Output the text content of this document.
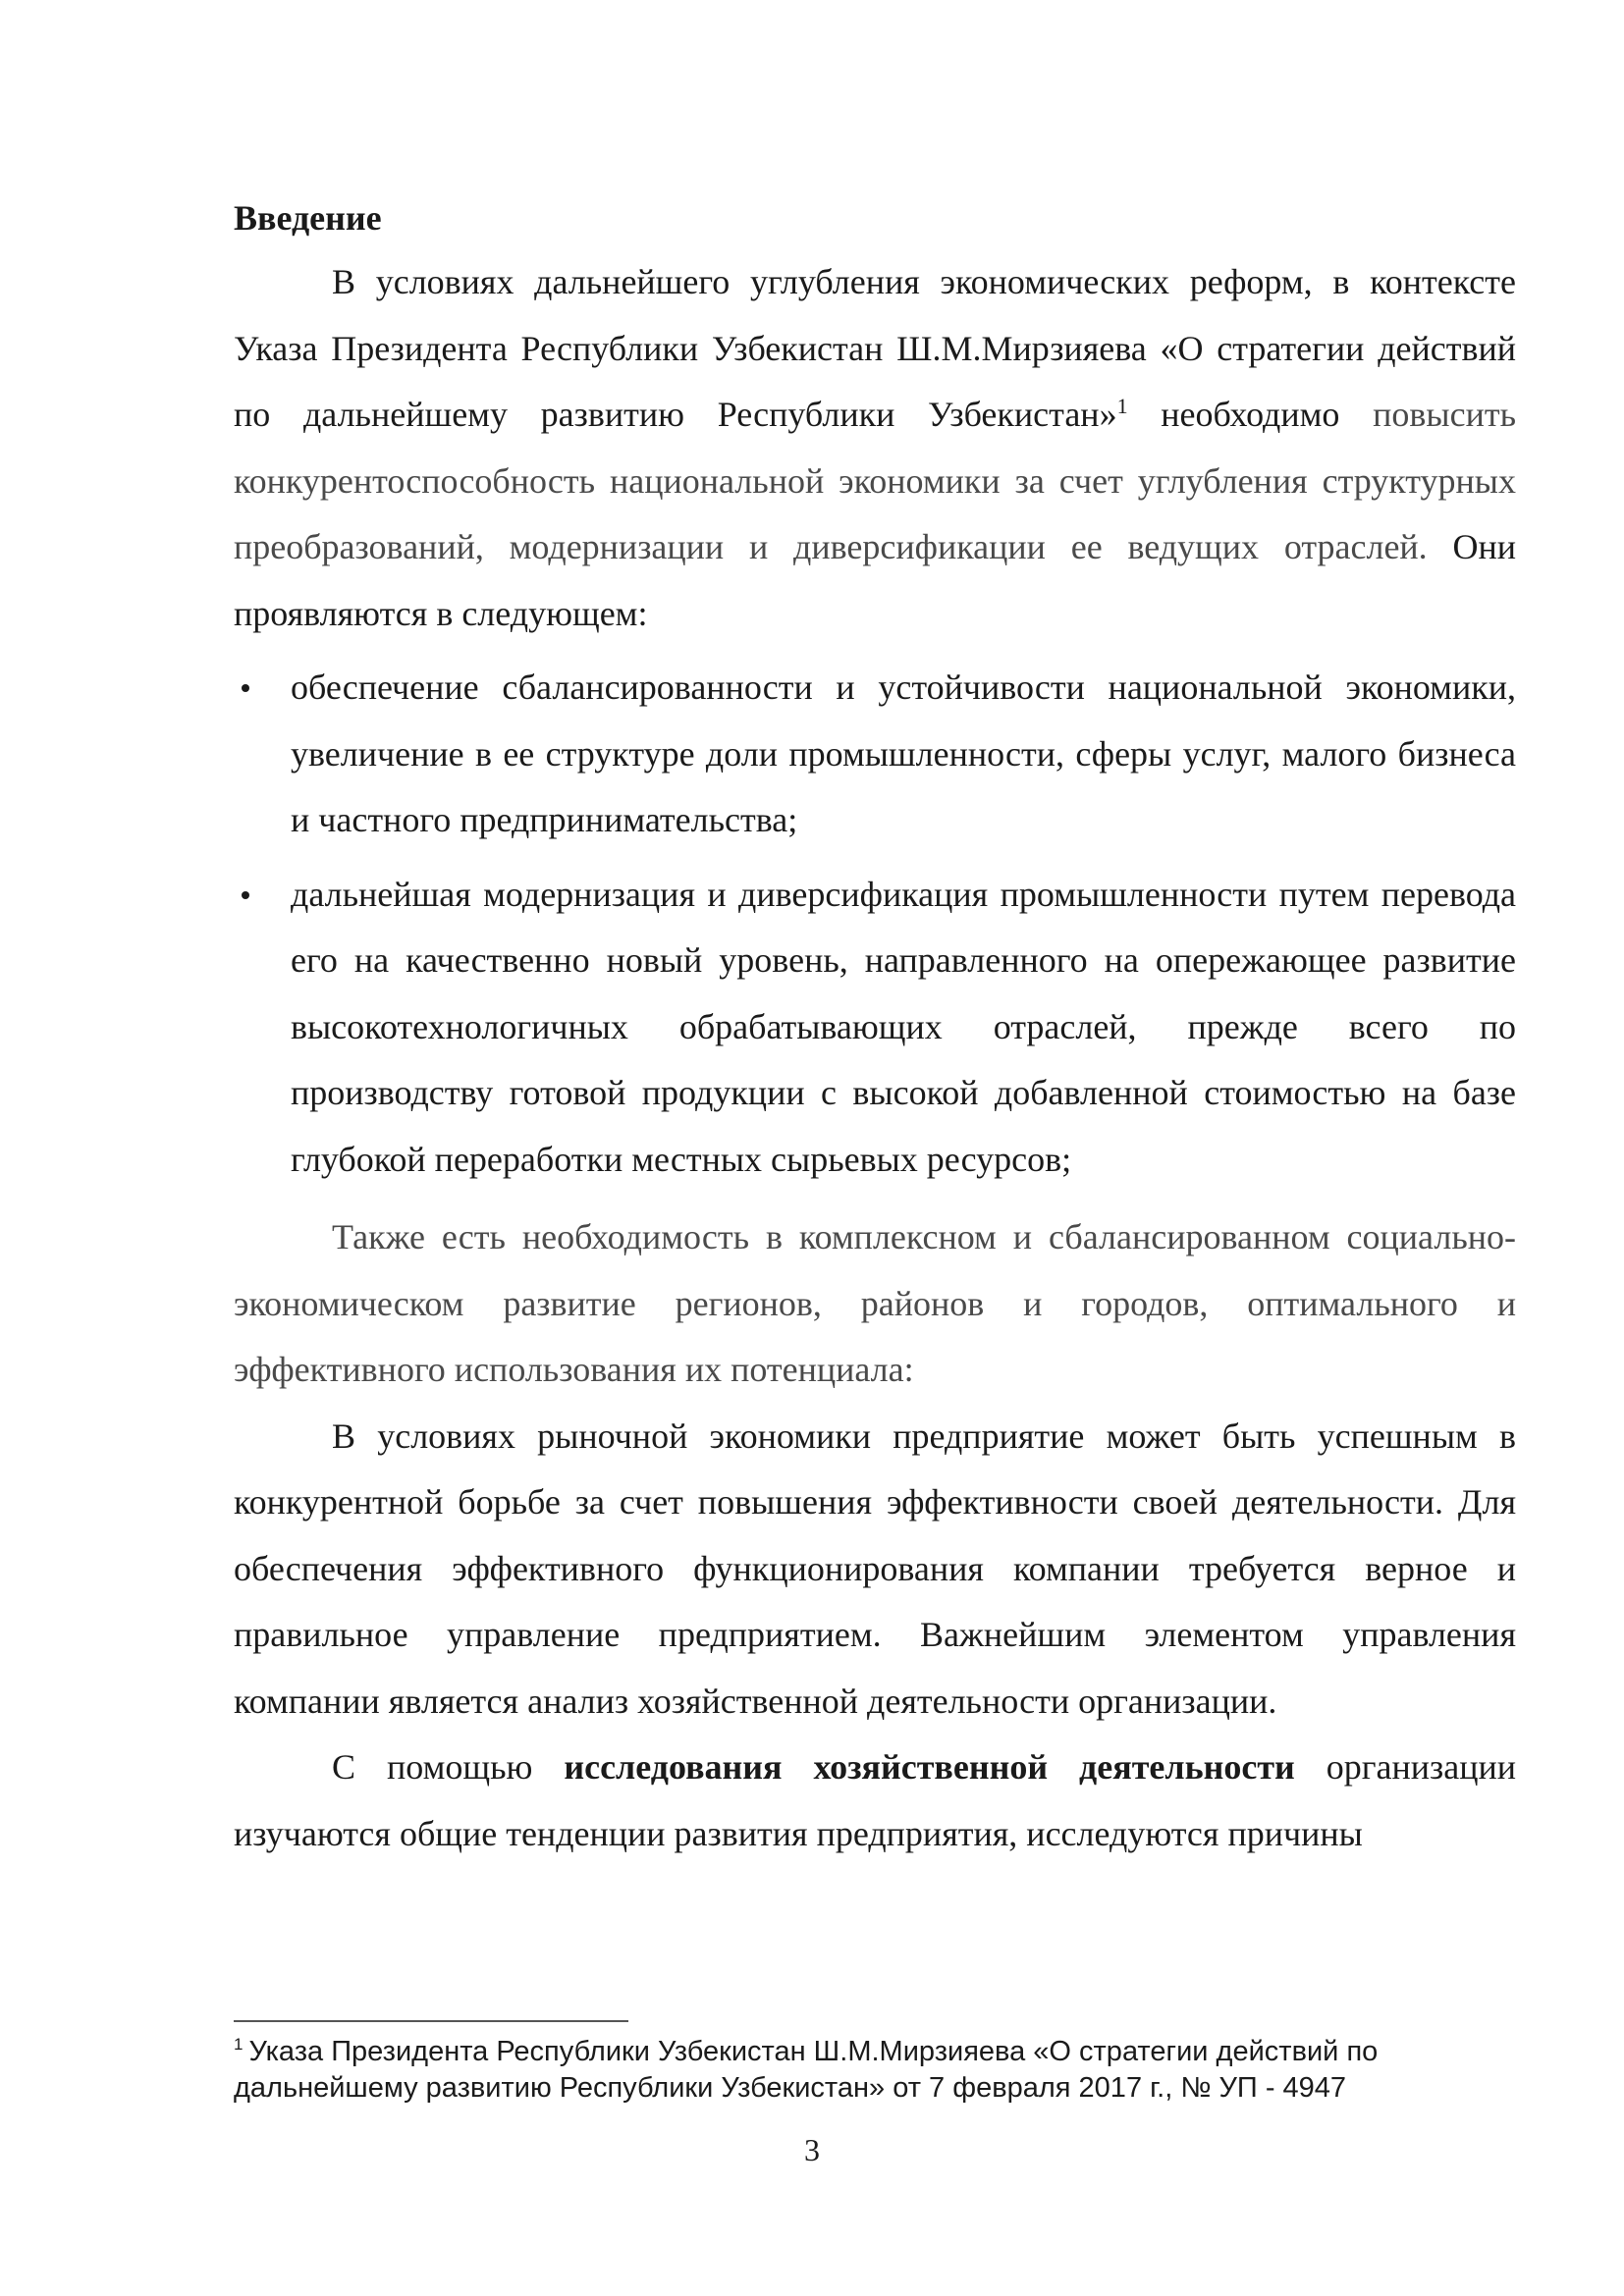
Введение

В условиях дальнейшего углубления экономических реформ, в контексте Указа Президента Республики Узбекистан Ш.М.Мирзияева «О стратегии действий по дальнейшему развитию Республики Узбекистан»$^1$ необходимо повысить конкурентоспособность национальной экономики за счет углубления структурных преобразований, модернизации и диверсификации ее ведущих отраслей. Они проявляются в следующем:

обеспечение сбалансированности и устойчивости национальной экономики, увеличение в ее структуре доли промышленности, сферы услуг, малого бизнеса и частного предпринимательства;
дальнейшая модернизация и диверсификация промышленности путем перевода его на качественно новый уровень, направленного на опережающее развитие высокотехнологичных обрабатывающих отраслей, прежде всего по производству готовой продукции с высокой добавленной стоимостью на базе глубокой переработки местных сырьевых ресурсов;

Также есть необходимость в комплексном и сбалансированном социально-экономическом развитие регионов, районов и городов, оптимального и эффективного использования их потенциала:

В условиях рыночной экономики предприятие может быть успешным в конкурентной борьбе за счет повышения эффективности своей деятельности. Для обеспечения эффективного функционирования компании требуется верное и правильное управление предприятием. Важнейшим элементом управления компании является анализ хозяйственной деятельности организации.

С помощью исследования хозяйственной деятельности организации изучаются общие тенденции развития предприятия, исследуются причины

$^1$ Указа Президента Республики Узбекистан Ш.М.Мирзияева «О стратегии действий по дальнейшему развитию Республики Узбекистан» от 7 февраля 2017 г., № УП - 4947
3
